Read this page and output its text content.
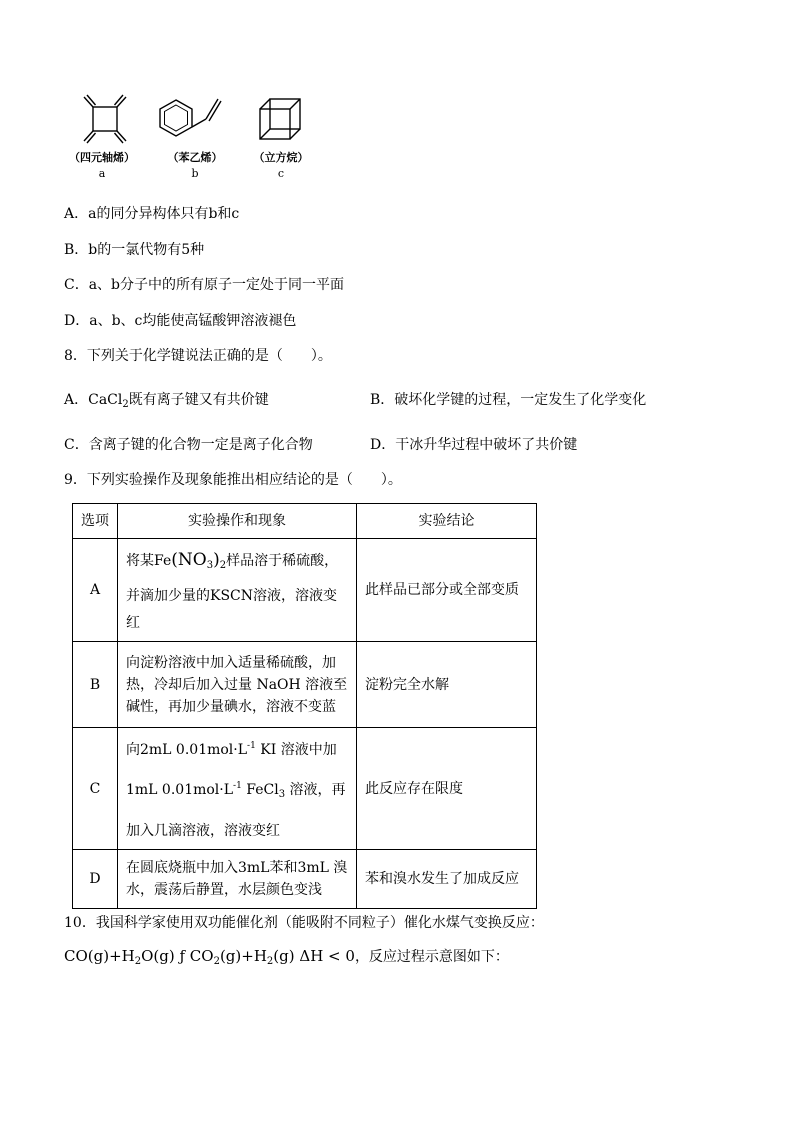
（四元轴烯）
a
（苯乙烯）
b
（立方烷）
c
A．a的同分异构体只有b和c
B．b的一氯代物有5种
C．a、b分子中的所有原子一定处于同一平面
D．a、b、c均能使高锰酸钾溶液褪色
8．下列关于化学键说法正确的是（　　）。
A．CaCl$_2$既有离子键又有共价键	B．破坏化学键的过程，一定发生了化学变化
C．含离子键的化合物一定是离子化合物	D．干冰升华过程中破坏了共价键
9．下列实验操作及现象能推出相应结论的是（　　）。
选项	实验操作和现象	实验结论
A	将某$Fe(NO_3)_2$样品溶于稀硫酸，
并滴加少量的KSCN溶液，溶液变
红	此样品已部分或全部变质
B	向淀粉溶液中加入适量稀硫酸，加
热，冷却后加入过量 NaOH 溶液至
碱性，再加少量碘水，溶液不变蓝	淀粉完全水解
C	向2mL $0.01mol\cdot L^{-1}$ KI 溶液中加
1mL $0.01mol\cdot L^{-1}$ FeCl$_3$ 溶液，再
加入几滴溶液，溶液变红	此反应存在限度
D	在圆底烧瓶中加入3mL苯和3mL 溴
水，震荡后静置，水层颜色变浅	苯和溴水发生了加成反应
10．我国科学家使用双功能催化剂（能吸附不同粒子）催化水煤气变换反应：
$CO(g)+H_2O(g)$ ƒ $CO_2(g)+H_2(g) \Delta H < 0$，反应过程示意图如下：
